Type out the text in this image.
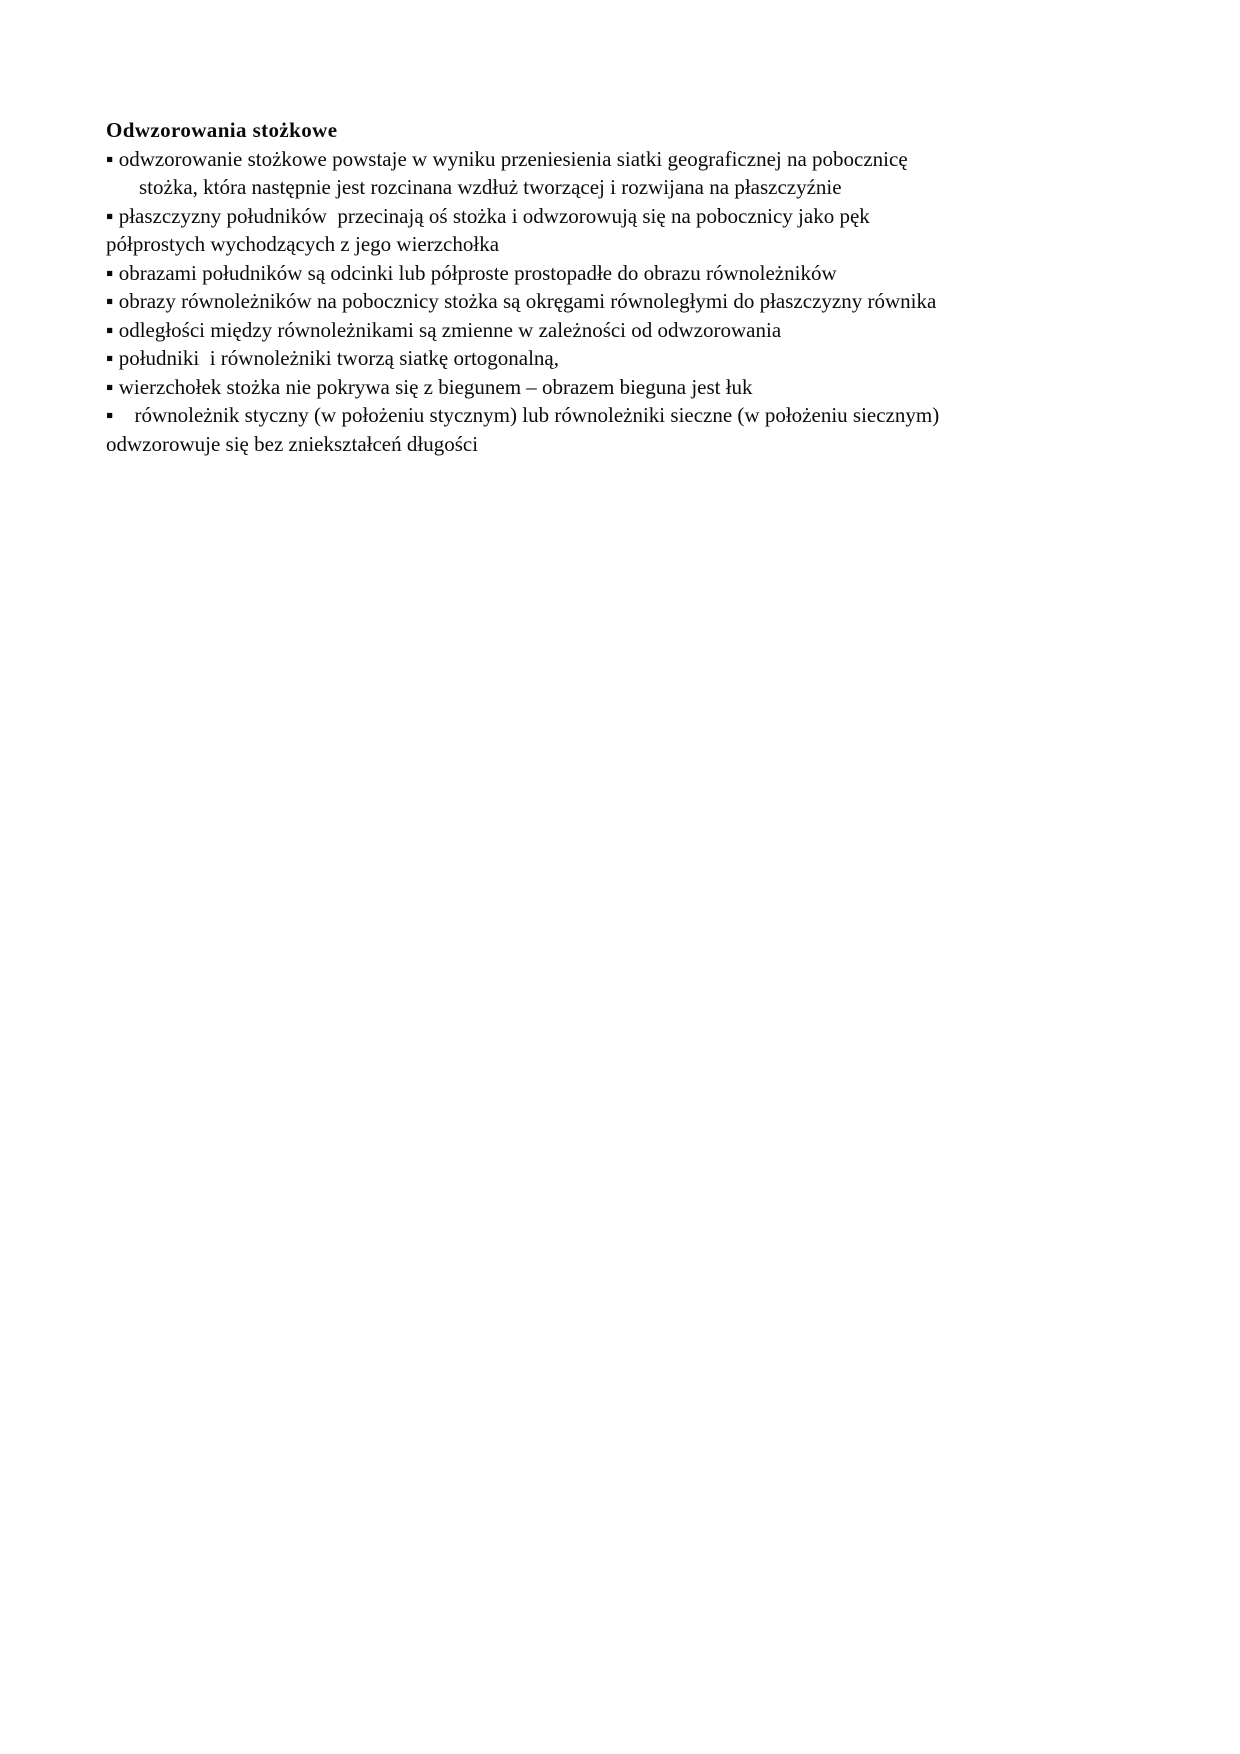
Odwzorowania stożkowe
▪ odwzorowanie stożkowe powstaje w wyniku przeniesienia siatki geograficznej na pobocznicę
stożka, która następnie jest rozcinana wzdłuż tworzącej i rozwijana na płaszczyźnie
▪ płaszczyzny południków  przecinają oś stożka i odwzorowują się na pobocznicy jako pęk
półprostych wychodzących z jego wierzchołka
▪ obrazami południków są odcinki lub półproste prostopadłe do obrazu równoleżników
▪ obrazy równoleżników na pobocznicy stożka są okręgami równoległymi do płaszczyzny równika
▪ odległości między równoleżnikami są zmienne w zależności od odwzorowania
▪ południki  i równoleżniki tworzą siatkę ortogonalną,
▪ wierzchołek stożka nie pokrywa się z biegunem – obrazem bieguna jest łuk
▪    równoleżnik styczny (w położeniu stycznym) lub równoleżniki sieczne (w położeniu siecznym)
odwzorowuje się bez zniekształceń długości
